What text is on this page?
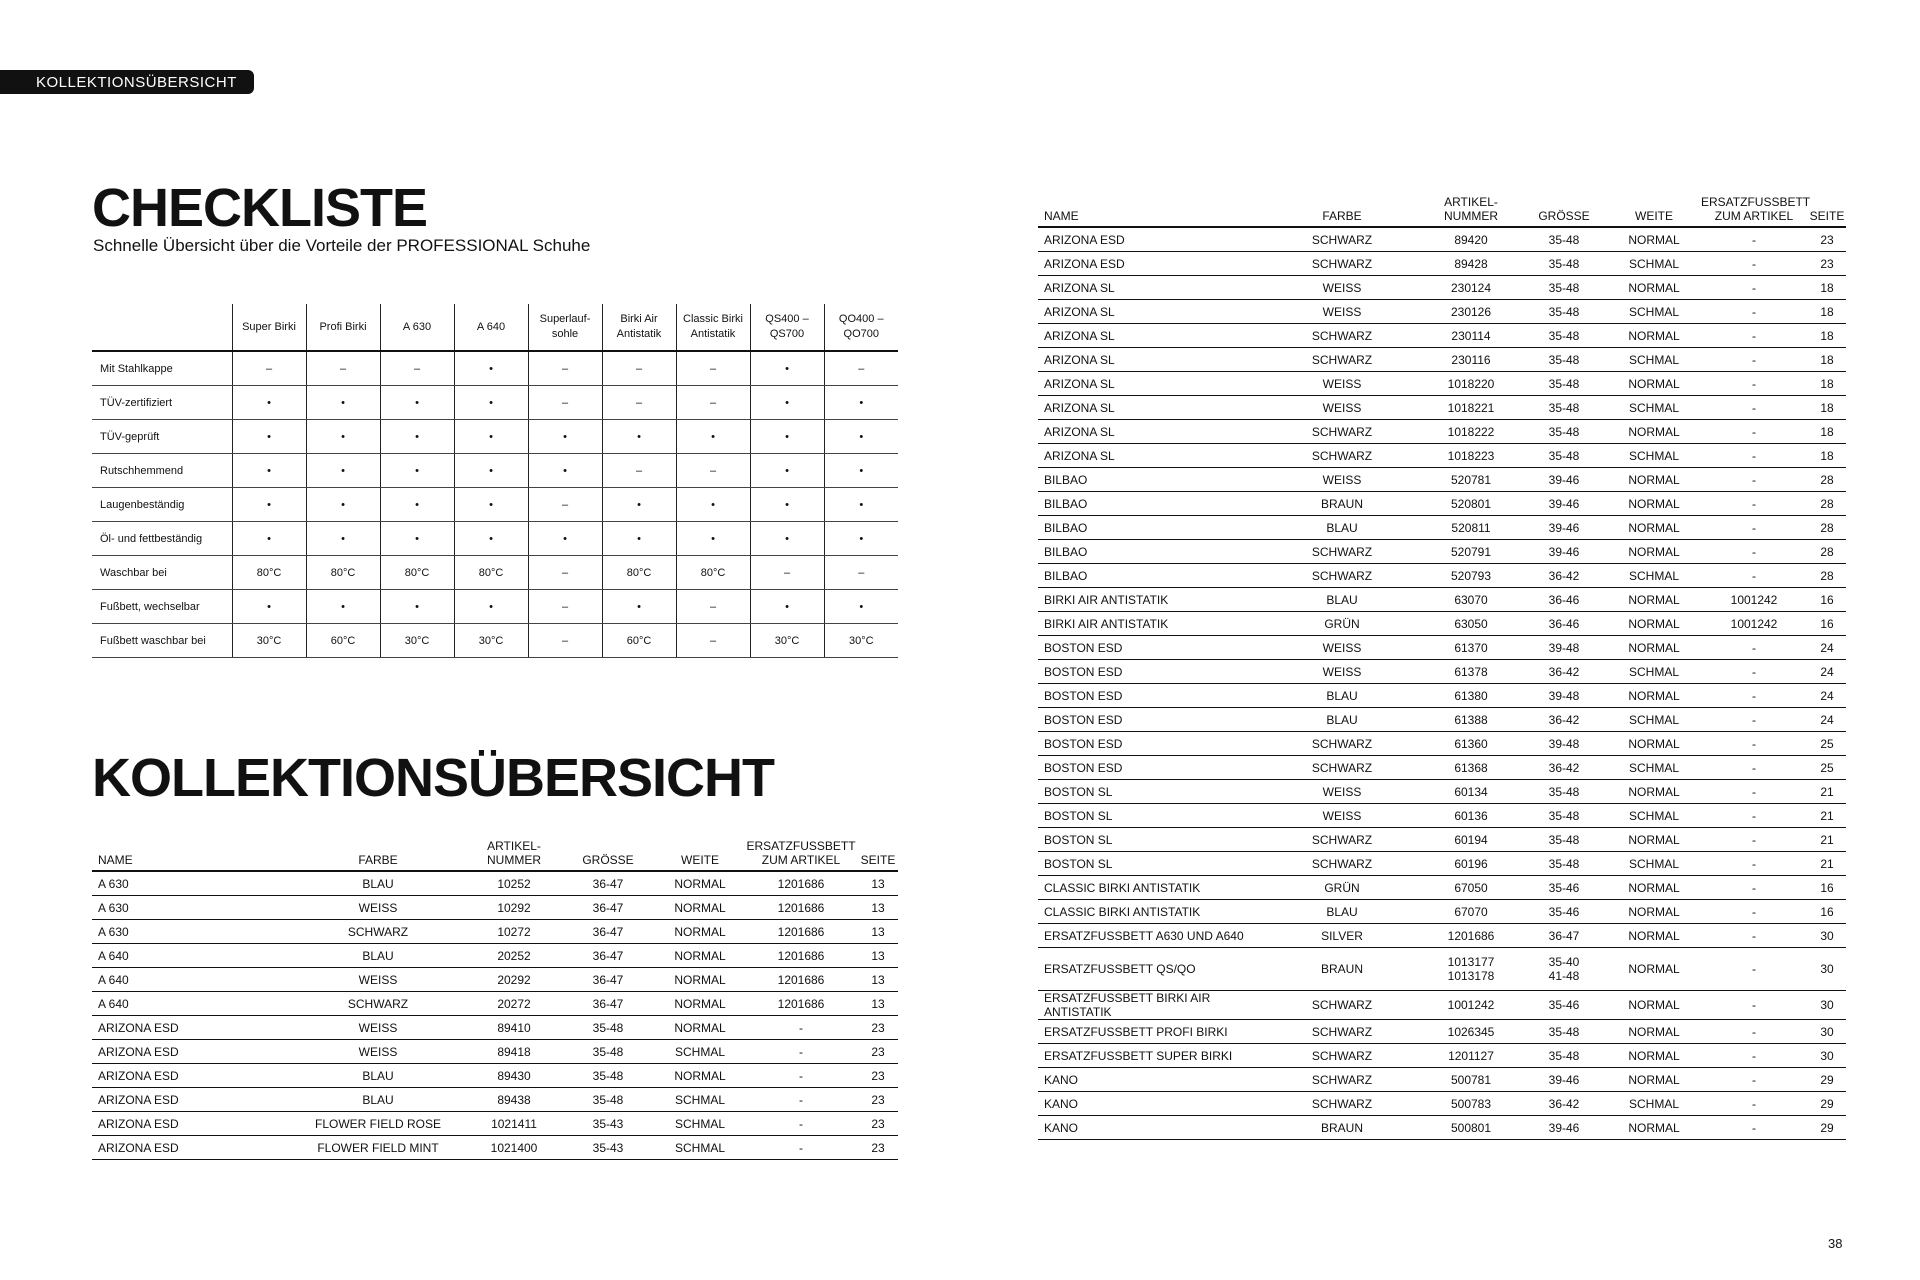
KOLLEKTIONSÜBERSICHT
CHECKLISTE

Schnelle Übersicht über die Vorteile der PROFESSIONAL Schuhe

	Super Birki	Profi Birki	A 630	A 640	Superlauf-
sohle	Birki Air
Antistatik	Classic Birki
Antistatik	QS400 –
QS700	QO400 –
QO700
Mit Stahlkappe	–	–	–	•	–	–	–	•	–
TÜV-zertifiziert	•	•	•	•	–	–	–	•	•
TÜV-geprüft	•	•	•	•	•	•	•	•	•
Rutschhemmend	•	•	•	•	•	–	–	•	•
Laugenbeständig	•	•	•	•	–	•	•	•	•
Öl- und fettbeständig	•	•	•	•	•	•	•	•	•
Waschbar bei	80°C	80°C	80°C	80°C	–	80°C	80°C	–	–
Fußbett, wechselbar	•	•	•	•	–	•	–	•	•
Fußbett waschbar bei	30°C	60°C	30°C	30°C	–	60°C	–	30°C	30°C
KOLLEKTIONSÜBERSICHT
NAME	FARBE	ARTIKEL-
NUMMER	GRÖSSE	WEITE	ERSATZFUSSBETT
ZUM ARTIKEL	SEITE
A 630	BLAU	10252	36-47	NORMAL	1201686	13
A 630	WEISS	10292	36-47	NORMAL	1201686	13
A 630	SCHWARZ	10272	36-47	NORMAL	1201686	13
A 640	BLAU	20252	36-47	NORMAL	1201686	13
A 640	WEISS	20292	36-47	NORMAL	1201686	13
A 640	SCHWARZ	20272	36-47	NORMAL	1201686	13
ARIZONA ESD	WEISS	89410	35-48	NORMAL	-	23
ARIZONA ESD	WEISS	89418	35-48	SCHMAL	-	23
ARIZONA ESD	BLAU	89430	35-48	NORMAL	-	23
ARIZONA ESD	BLAU	89438	35-48	SCHMAL	-	23
ARIZONA ESD	FLOWER FIELD ROSE	1021411	35-43	SCHMAL	-	23
ARIZONA ESD	FLOWER FIELD MINT	1021400	35-43	SCHMAL	-	23
NAME	FARBE	ARTIKEL-
NUMMER	GRÖSSE	WEITE	ERSATZFUSSBETT
ZUM ARTIKEL	SEITE
ARIZONA ESD	SCHWARZ	89420	35-48	NORMAL	-	23
ARIZONA ESD	SCHWARZ	89428	35-48	SCHMAL	-	23
ARIZONA SL	WEISS	230124	35-48	NORMAL	-	18
ARIZONA SL	WEISS	230126	35-48	SCHMAL	-	18
ARIZONA SL	SCHWARZ	230114	35-48	NORMAL	-	18
ARIZONA SL	SCHWARZ	230116	35-48	SCHMAL	-	18
ARIZONA SL	WEISS	1018220	35-48	NORMAL	-	18
ARIZONA SL	WEISS	1018221	35-48	SCHMAL	-	18
ARIZONA SL	SCHWARZ	1018222	35-48	NORMAL	-	18
ARIZONA SL	SCHWARZ	1018223	35-48	SCHMAL	-	18
BILBAO	WEISS	520781	39-46	NORMAL	-	28
BILBAO	BRAUN	520801	39-46	NORMAL	-	28
BILBAO	BLAU	520811	39-46	NORMAL	-	28
BILBAO	SCHWARZ	520791	39-46	NORMAL	-	28
BILBAO	SCHWARZ	520793	36-42	SCHMAL	-	28
BIRKI AIR ANTISTATIK	BLAU	63070	36-46	NORMAL	1001242	16
BIRKI AIR ANTISTATIK	GRÜN	63050	36-46	NORMAL	1001242	16
BOSTON ESD	WEISS	61370	39-48	NORMAL	-	24
BOSTON ESD	WEISS	61378	36-42	SCHMAL	-	24
BOSTON ESD	BLAU	61380	39-48	NORMAL	-	24
BOSTON ESD	BLAU	61388	36-42	SCHMAL	-	24
BOSTON ESD	SCHWARZ	61360	39-48	NORMAL	-	25
BOSTON ESD	SCHWARZ	61368	36-42	SCHMAL	-	25
BOSTON SL	WEISS	60134	35-48	NORMAL	-	21
BOSTON SL	WEISS	60136	35-48	SCHMAL	-	21
BOSTON SL	SCHWARZ	60194	35-48	NORMAL	-	21
BOSTON SL	SCHWARZ	60196	35-48	SCHMAL	-	21
CLASSIC BIRKI ANTISTATIK	GRÜN	67050	35-46	NORMAL	-	16
CLASSIC BIRKI ANTISTATIK	BLAU	67070	35-46	NORMAL	-	16
ERSATZFUSSBETT A630 UND A640	SILVER	1201686	36-47	NORMAL	-	30
ERSATZFUSSBETT QS/QO	BRAUN	1013177
1013178	35-40
41-48	NORMAL	-	30
ERSATZFUSSBETT BIRKI AIR ANTISTATIK	SCHWARZ	1001242	35-46	NORMAL	-	30
ERSATZFUSSBETT PROFI BIRKI	SCHWARZ	1026345	35-48	NORMAL	-	30
ERSATZFUSSBETT SUPER BIRKI	SCHWARZ	1201127	35-48	NORMAL	-	30
KANO	SCHWARZ	500781	39-46	NORMAL	-	29
KANO	SCHWARZ	500783	36-42	SCHMAL	-	29
KANO	BRAUN	500801	39-46	NORMAL	-	29
38
